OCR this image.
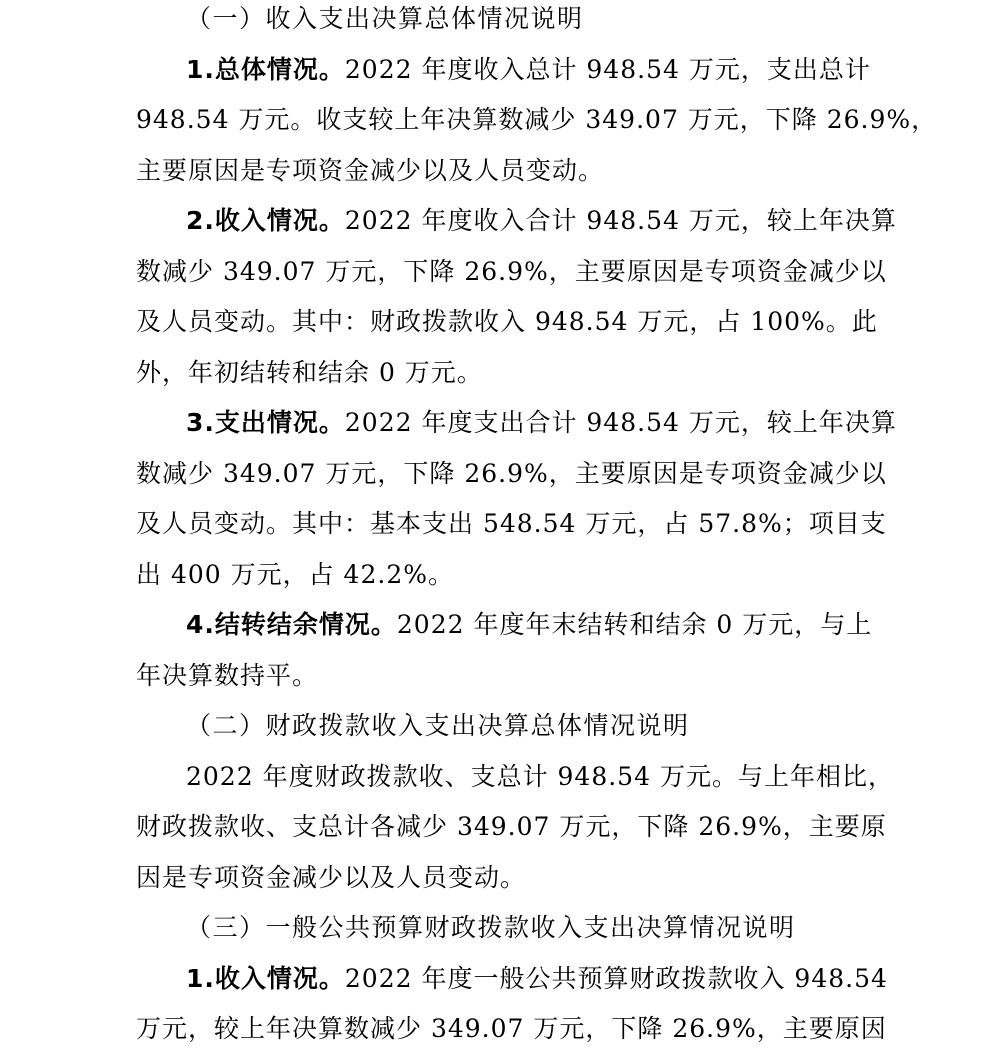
（一）收入支出决算总体情况说明
1.总体情况。2022 年度收入总计 948.54 万元，支出总计
948.54 万元。收支较上年决算数减少 349.07 万元，下降 26.9%，
主要原因是专项资金减少以及人员变动。
2.收入情况。2022 年度收入合计 948.54 万元，较上年决算
数减少 349.07 万元，下降 26.9%，主要原因是专项资金减少以
及人员变动。其中：财政拨款收入 948.54 万元，占 100%。此
外，年初结转和结余 0 万元。
3.支出情况。2022 年度支出合计 948.54 万元，较上年决算
数减少 349.07 万元，下降 26.9%，主要原因是专项资金减少以
及人员变动。其中：基本支出 548.54 万元，占 57.8%；项目支
出 400 万元，占 42.2%。
4.结转结余情况。2022 年度年末结转和结余 0 万元，与上
年决算数持平。
（二）财政拨款收入支出决算总体情况说明
2022 年度财政拨款收、支总计 948.54 万元。与上年相比，
财政拨款收、支总计各减少 349.07 万元，下降 26.9%，主要原
因是专项资金减少以及人员变动。
（三）一般公共预算财政拨款收入支出决算情况说明
1.收入情况。2022 年度一般公共预算财政拨款收入 948.54
万元，较上年决算数减少 349.07 万元，下降 26.9%，主要原因
